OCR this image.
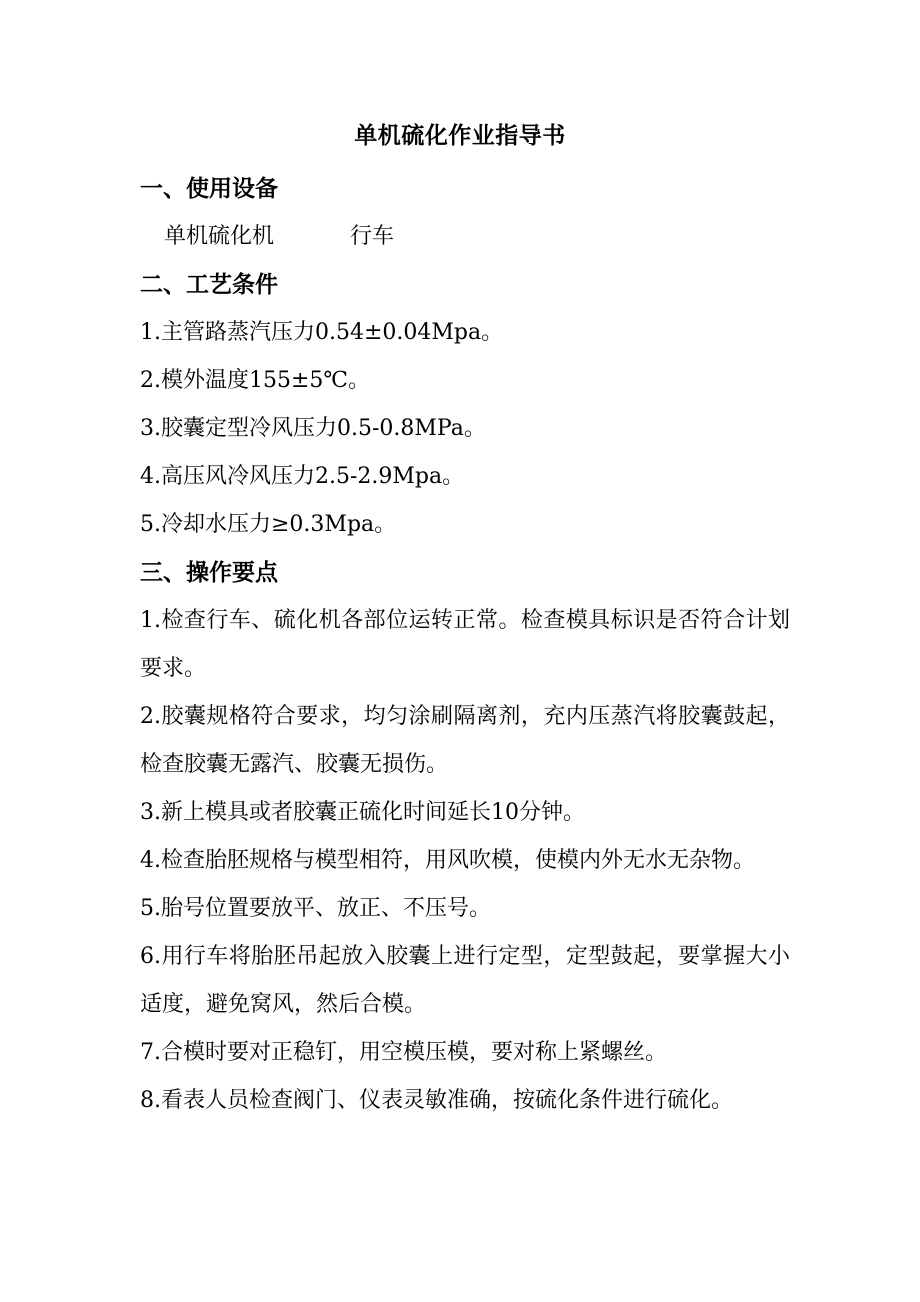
单机硫化作业指导书
一、使用设备
单机硫化机	行车
二、工艺条件
1.主管路蒸汽压力0.54±0.04Mpa。
2.模外温度155±5℃。
3.胶囊定型冷风压力0.5-0.8MPa。
4.高压风冷风压力2.5-2.9Mpa。
5.冷却水压力≥0.3Mpa。
三、操作要点
1.检查行车、硫化机各部位运转正常。检查模具标识是否符合计划要求。
2.胶囊规格符合要求，均匀涂刷隔离剂，充内压蒸汽将胶囊鼓起，检查胶囊无露汽、胶囊无损伤。
3.新上模具或者胶囊正硫化时间延长10分钟。
4.检查胎胚规格与模型相符，用风吹模，使模内外无水无杂物。
5.胎号位置要放平、放正、不压号。
6.用行车将胎胚吊起放入胶囊上进行定型，定型鼓起，要掌握大小适度，避免窝风，然后合模。
7.合模时要对正稳钉，用空模压模，要对称上紧螺丝。
8.看表人员检查阀门、仪表灵敏准确，按硫化条件进行硫化。
